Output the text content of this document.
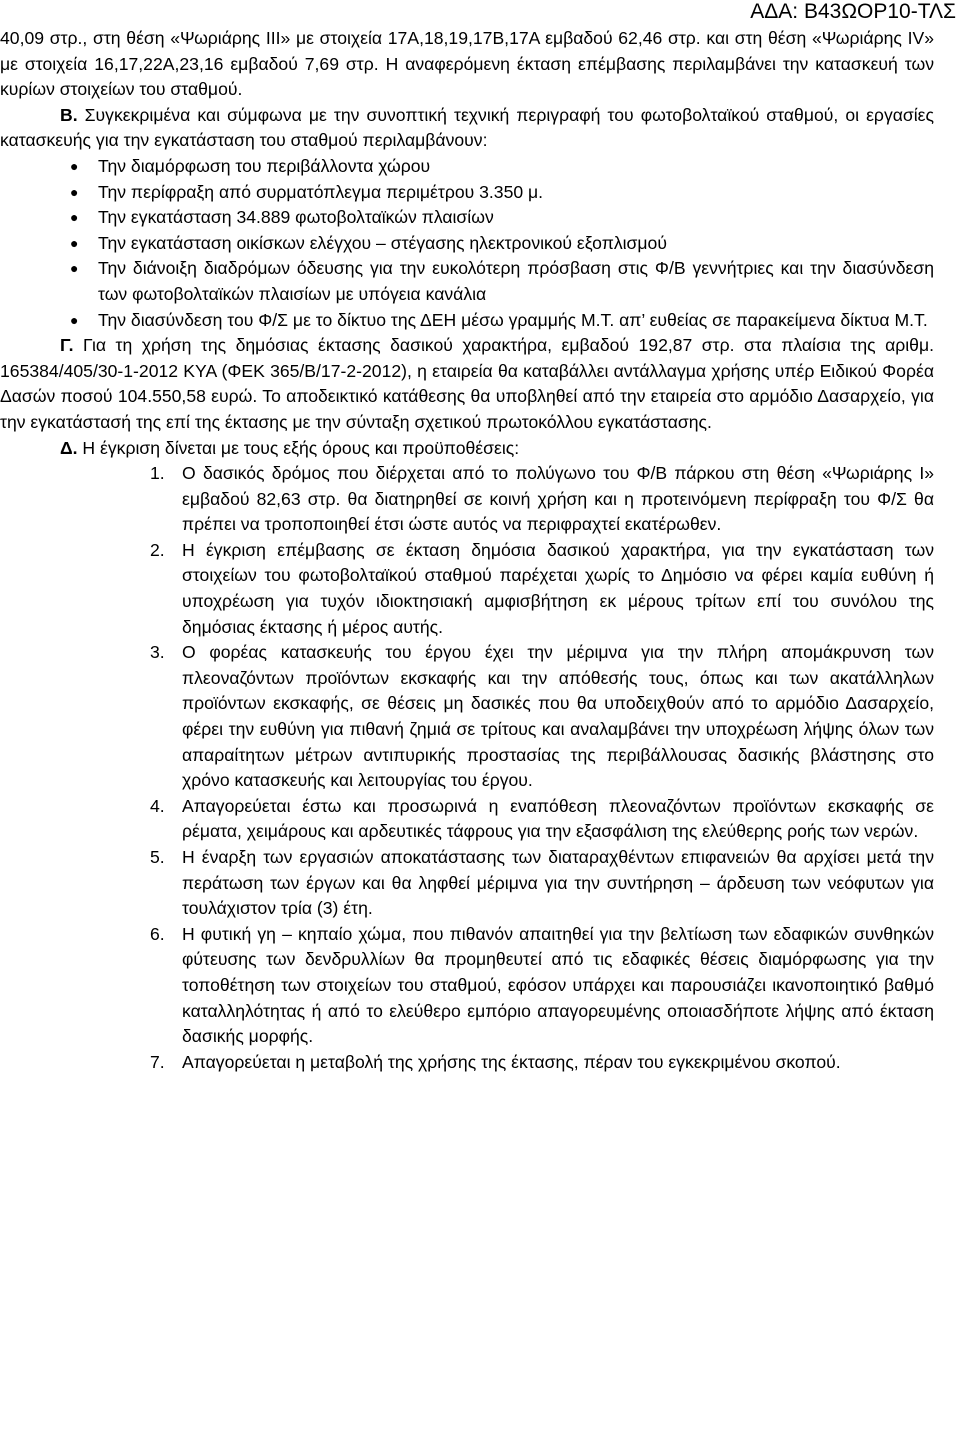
ΑΔΑ: Β43ΩΟΡ10-ΤΛΣ

40,09 στρ., στη θέση «Ψωριάρης ΙΙΙ» με στοιχεία 17Α,18,19,17Β,17Α εμβαδού 62,46 στρ. και στη θέση «Ψωριάρης ΙV» με στοιχεία 16,17,22Α,23,16 εμβαδού 7,69 στρ. Η αναφερόμενη έκταση επέμβασης περιλαμβάνει την κατασκευή των κυρίων στοιχείων του σταθμού.

Β. Συγκεκριμένα και σύμφωνα με την συνοπτική τεχνική περιγραφή του φωτοβολταϊκού σταθμού, οι εργασίες κατασκευής για την εγκατάσταση του σταθμού περιλαμβάνουν:

● Την διαμόρφωση του περιβάλλοντα χώρου
● Την περίφραξη από συρματόπλεγμα περιμέτρου 3.350 μ.
● Την εγκατάσταση 34.889 φωτοβολταϊκών πλαισίων
● Την εγκατάσταση οικίσκων ελέγχου – στέγασης ηλεκτρονικού εξοπλισμού
● Την διάνοιξη διαδρόμων όδευσης για την ευκολότερη πρόσβαση στις Φ/Β γεννήτριες και την διασύνδεση των φωτοβολταϊκών πλαισίων με υπόγεια κανάλια
● Την διασύνδεση του Φ/Σ με το δίκτυο της ΔΕΗ μέσω γραμμής Μ.Τ. απ’ ευθείας σε παρακείμενα δίκτυα Μ.Τ.

Γ. Για τη χρήση της δημόσιας έκτασης δασικού χαρακτήρα, εμβαδού 192,87 στρ. στα πλαίσια της αριθμ. 165384/405/30-1-2012 ΚΥΑ (ΦΕΚ 365/Β/17-2-2012), η εταιρεία θα καταβάλλει αντάλλαγμα χρήσης υπέρ Ειδικού Φορέα Δασών ποσού 104.550,58 ευρώ. Το αποδεικτικό κατάθεσης θα υποβληθεί από την εταιρεία στο αρμόδιο Δασαρχείο, για την εγκατάστασή της επί της έκτασης με την σύνταξη σχετικού πρωτοκόλλου εγκατάστασης.

Δ. Η έγκριση δίνεται με τους εξής όρους και προϋποθέσεις:

1. Ο δασικός δρόμος που διέρχεται από το πολύγωνο του Φ/Β πάρκου στη θέση «Ψωριάρης Ι» εμβαδού 82,63 στρ. θα διατηρηθεί σε κοινή χρήση και η προτεινόμενη περίφραξη του Φ/Σ θα πρέπει να τροποποιηθεί έτσι ώστε αυτός να περιφραχτεί εκατέρωθεν.
2. Η έγκριση επέμβασης σε έκταση δημόσια δασικού χαρακτήρα, για την εγκατάσταση των στοιχείων του φωτοβολταϊκού σταθμού παρέχεται χωρίς το Δημόσιο να φέρει καμία ευθύνη ή υποχρέωση για τυχόν ιδιοκτησιακή αμφισβήτηση εκ μέρους τρίτων επί του συνόλου της δημόσιας έκτασης ή μέρος αυτής.
3. Ο φορέας κατασκευής του έργου έχει την μέριμνα για την πλήρη απομάκρυνση των πλεοναζόντων προϊόντων εκσκαφής και την απόθεσής τους, όπως και των ακατάλληλων προϊόντων εκσκαφής, σε θέσεις μη δασικές που θα υποδειχθούν από το αρμόδιο Δασαρχείο, φέρει την ευθύνη για πιθανή ζημιά σε τρίτους και αναλαμβάνει την υποχρέωση λήψης όλων των απαραίτητων μέτρων αντιπυρικής προστασίας της περιβάλλουσας δασικής βλάστησης στο χρόνο κατασκευής και λειτουργίας του έργου.
4. Απαγορεύεται έστω και προσωρινά η εναπόθεση πλεοναζόντων προϊόντων εκσκαφής σε ρέματα, χειμάρους και αρδευτικές τάφρους για την εξασφάλιση της ελεύθερης ροής των νερών.
5. Η έναρξη των εργασιών αποκατάστασης των διαταραχθέντων επιφανειών θα αρχίσει μετά την περάτωση των έργων και θα ληφθεί μέριμνα για την συντήρηση – άρδευση των νεόφυτων για τουλάχιστον τρία (3) έτη.
6. Η φυτική γη – κηπαίο χώμα, που πιθανόν απαιτηθεί για την βελτίωση των εδαφικών συνθηκών φύτευσης των δενδρυλλίων θα προμηθευτεί από τις εδαφικές θέσεις διαμόρφωσης για την τοποθέτηση των στοιχείων του σταθμού, εφόσον υπάρχει και παρουσιάζει ικανοποιητικό βαθμό καταλληλότητας ή από το ελεύθερο εμπόριο απαγορευμένης οποιασδήποτε λήψης από έκταση δασικής μορφής.
7. Απαγορεύεται η μεταβολή της χρήσης της έκτασης, πέραν του εγκεκριμένου σκοπού.
